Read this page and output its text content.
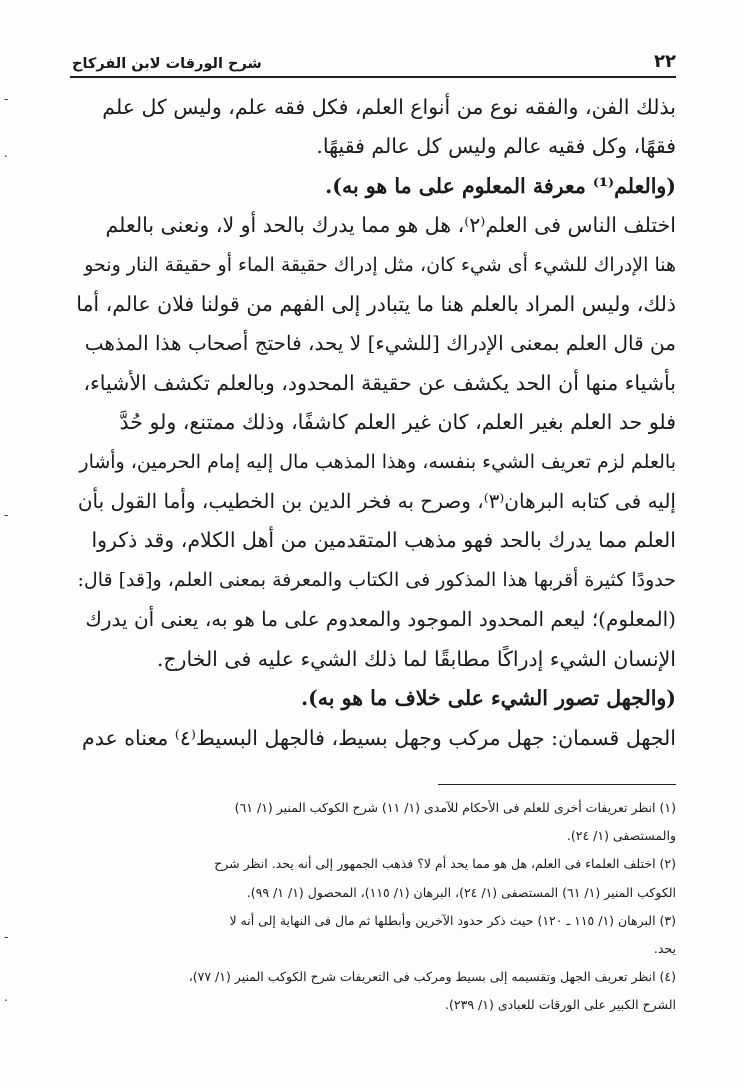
٢٢
شرح الورقات لابن الفركاح
بذلك الفن، والفقه نوع من أنواع العلم، فكل فقه علم، وليس كل علم
فقهًا، وكل فقيه عالم وليس كل عالم فقيهًا.
(والعلم⁽¹⁾ معرفة المعلوم على ما هو به).
اختلف الناس فى العلم⁽٢⁾، هل هو مما يدرك بالحد أو لا، ونعنى بالعلم
هنا الإدراك للشيء أى شيء كان، مثل إدراك حقيقة الماء أو حقيقة النار ونحو
ذلك، وليس المراد بالعلم هنا ما يتبادر إلى الفهم من قولنا فلان عالم، أما
من قال العلم بمعنى الإدراك [للشيء] لا يحد، فاحتج أصحاب هذا المذهب
بأشياء منها أن الحد يكشف عن حقيقة المحدود، وبالعلم تكشف الأشياء،
فلو حد العلم بغير العلم، كان غير العلم كاشفًا، وذلك ممتنع، ولو حُدَّ
بالعلم لزم تعريف الشيء بنفسه، وهذا المذهب مال إليه إمام الحرمين، وأشار
إليه فى كتابه البرهان⁽٣⁾، وصرح به فخر الدين بن الخطيب، وأما القول بأن
العلم مما يدرك بالحد فهو مذهب المتقدمين من أهل الكلام، وقد ذكروا
حدودًا كثيرة أقربها هذا المذكور فى الكتاب والمعرفة بمعنى العلم، و[قد] قال:
(المعلوم)؛ ليعم المحدود الموجود والمعدوم على ما هو به، يعنى أن يدرك
الإنسان الشيء إدراكًا مطابقًا لما ذلك الشيء عليه فى الخارج.
(والجهل تصور الشيء على خلاف ما هو به).
الجهل قسمان: جهل مركب وجهل بسيط، فالجهل البسيط⁽٤⁾ معناه عدم
(١) انظر تعريفات أخرى للعلم فى الأحكام للآمدى (١/ ١١) شرح الكوكب المنير (١/ ٦١)
والمستصفى (١/ ٢٤).
(٢) اختلف العلماء فى العلم، هل هو مما يحد أم لا؟ فذهب الجمهور إلى أنه يحد. انظر شرح
الكوكب المنير (١/ ٦١) المستصفى (١/ ٢٤)، البرهان (١/ ١١٥)، المحصول (١/ ١/ ٩٩).
(٣) البرهان (١/ ١١٥ ـ ١٢٠) حيث ذكر حدود الآخرين وأبطلها ثم مال فى النهاية إلى أنه لا
يحد.
(٤) انظر تعريف الجهل وتقسيمه إلى بسيط ومركب فى التعريفات شرح الكوكب المنير (١/ ٧٧)،
الشرح الكبير على الورقات للعبادى (١/ ٢٣٩).
-
.
-
-
.
